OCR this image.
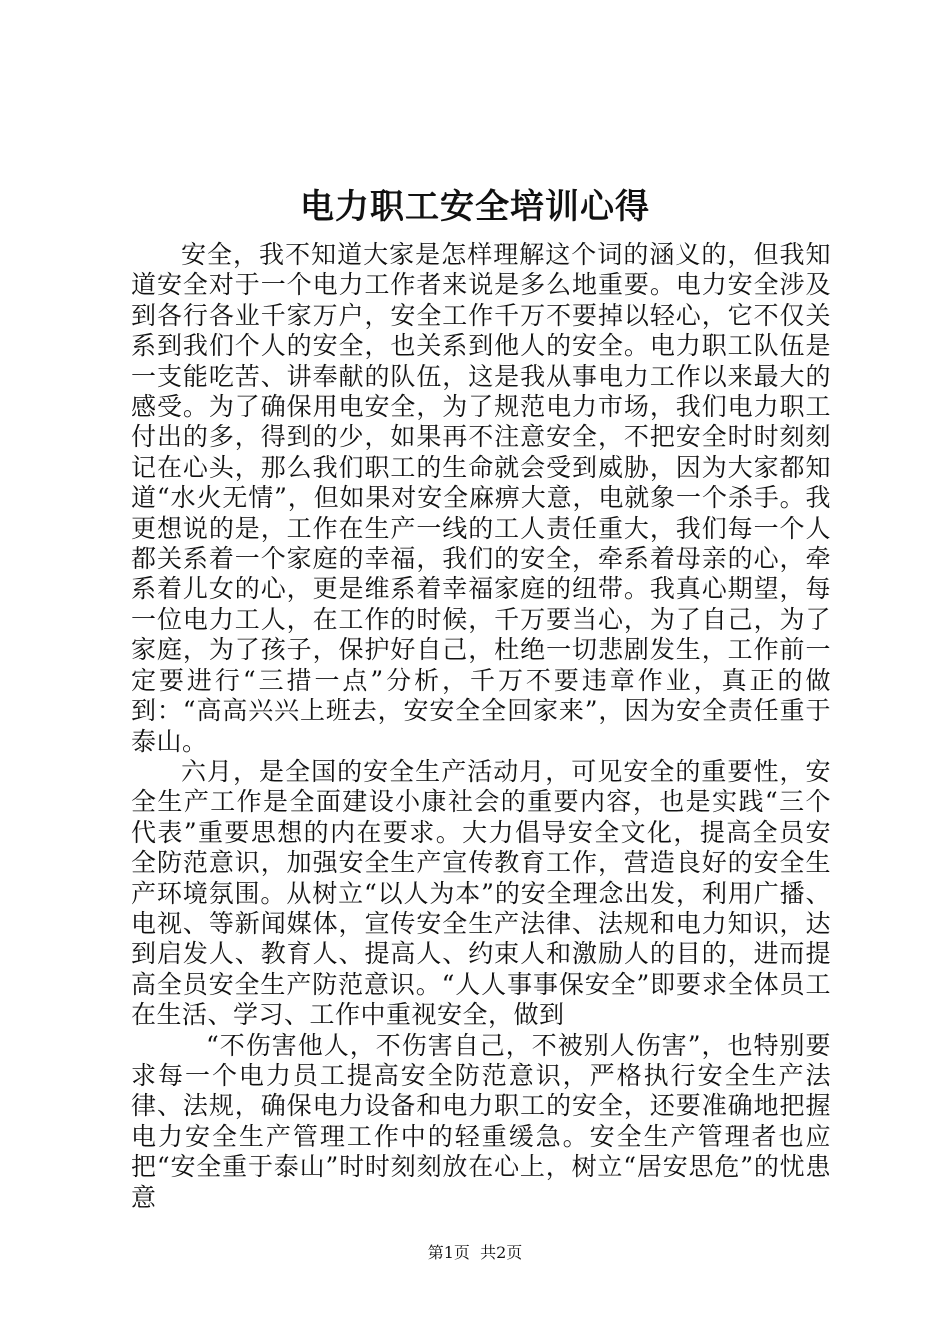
电力职工安全培训心得

安全，我不知道大家是怎样理解这个词的涵义的，但我知道安全对于一个电力工作者来说是多么地重要。电力安全涉及到各行各业千家万户，安全工作千万不要掉以轻心，它不仅关系到我们个人的安全，也关系到他人的安全。电力职工队伍是一支能吃苦、讲奉献的队伍，这是我从事电力工作以来最大的感受。为了确保用电安全，为了规范电力市场，我们电力职工付出的多，得到的少，如果再不注意安全，不把安全时时刻刻记在心头，那么我们职工的生命就会受到威胁，因为大家都知道“水火无情”，但如果对安全麻痹大意，电就象一个杀手。我更想说的是，工作在生产一线的工人责任重大，我们每一个人都关系着一个家庭的幸福，我们的安全，牵系着母亲的心，牵系着儿女的心，更是维系着幸福家庭的纽带。我真心期望，每一位电力工人，在工作的时候，千万要当心，为了自己，为了家庭，为了孩子，保护好自己，杜绝一切悲剧发生，工作前一定要进行“三措一点”分析，千万不要违章作业，真正的做到：“高高兴兴上班去，安安全全回家来”，因为安全责任重于泰山。

六月，是全国的安全生产活动月，可见安全的重要性，安全生产工作是全面建设小康社会的重要内容，也是实践“三个代表”重要思想的内在要求。大力倡导安全文化，提高全员安全防范意识，加强安全生产宣传教育工作，营造良好的安全生产环境氛围。从树立“以人为本”的安全理念出发，利用广播、电视、等新闻媒体，宣传安全生产法律、法规和电力知识，达到启发人、教育人、提高人、约束人和激励人的目的，进而提高全员安全生产防范意识。“人人事事保安全”即要求全体员工在生活、学习、工作中重视安全，做到

“不伤害他人，不伤害自己，不被别人伤害”，也特别要求每一个电力员工提高安全防范意识，严格执行安全生产法律、法规，确保电力设备和电力职工的安全，还要准确地把握电力安全生产管理工作中的轻重缓急。安全生产管理者也应把“安全重于泰山”时时刻刻放在心上，树立“居安思危”的忧患意

第1页  共2页
